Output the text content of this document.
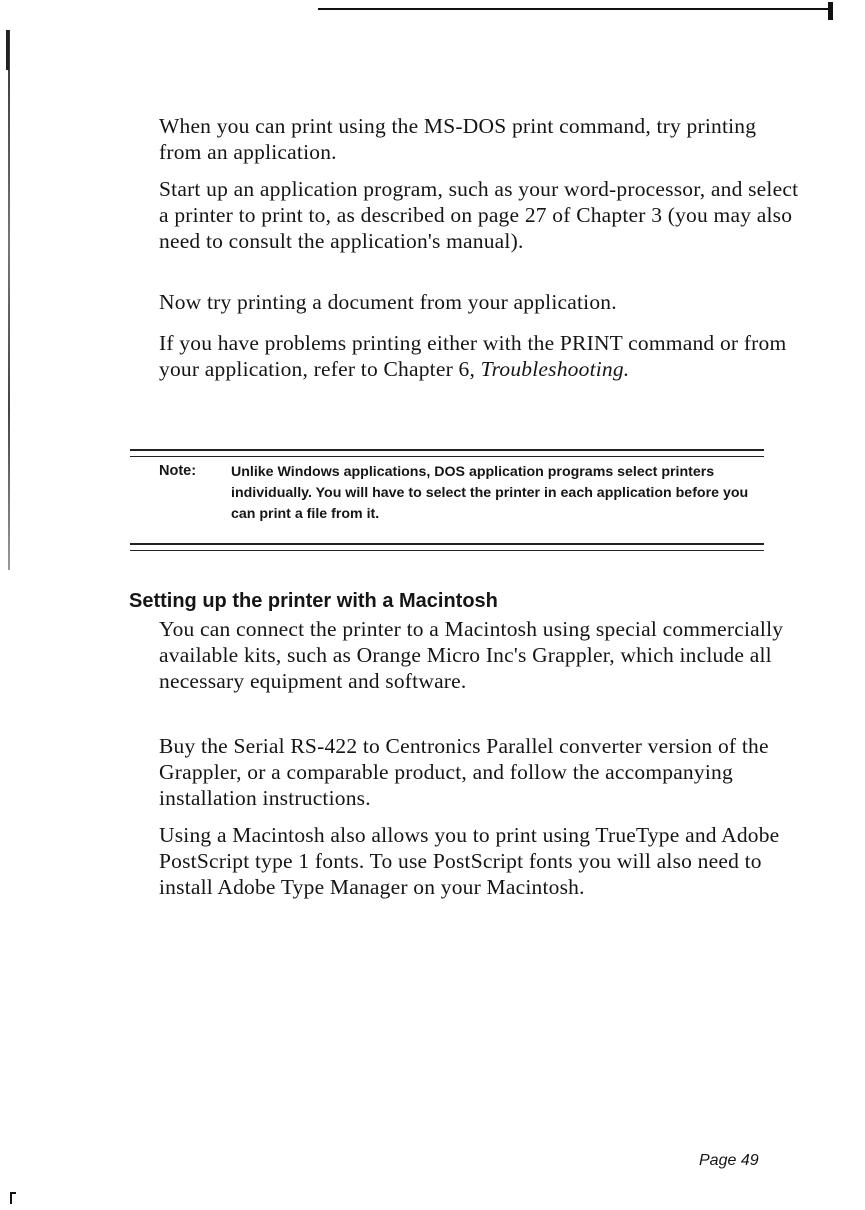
When you can print using the MS-DOS print command, try printing from an application.

Start up an application program, such as your word-processor, and select a printer to print to, as described on page 27 of Chapter 3 (you may also need to consult the application's manual).

Now try printing a document from your application.

If you have problems printing either with the PRINT command or from your application, refer to Chapter 6, Troubleshooting.

Note: Unlike Windows applications, DOS application programs select printers individually. You will have to select the printer in each application before you can print a file from it.
Setting up the printer with a Macintosh

You can connect the printer to a Macintosh using special commercially available kits, such as Orange Micro Inc's Grappler, which include all necessary equipment and software.

Buy the Serial RS-422 to Centronics Parallel converter version of the Grappler, or a comparable product, and follow the accompanying installation instructions.

Using a Macintosh also allows you to print using TrueType and Adobe PostScript type 1 fonts. To use PostScript fonts you will also need to install Adobe Type Manager on your Macintosh.

Page 49
